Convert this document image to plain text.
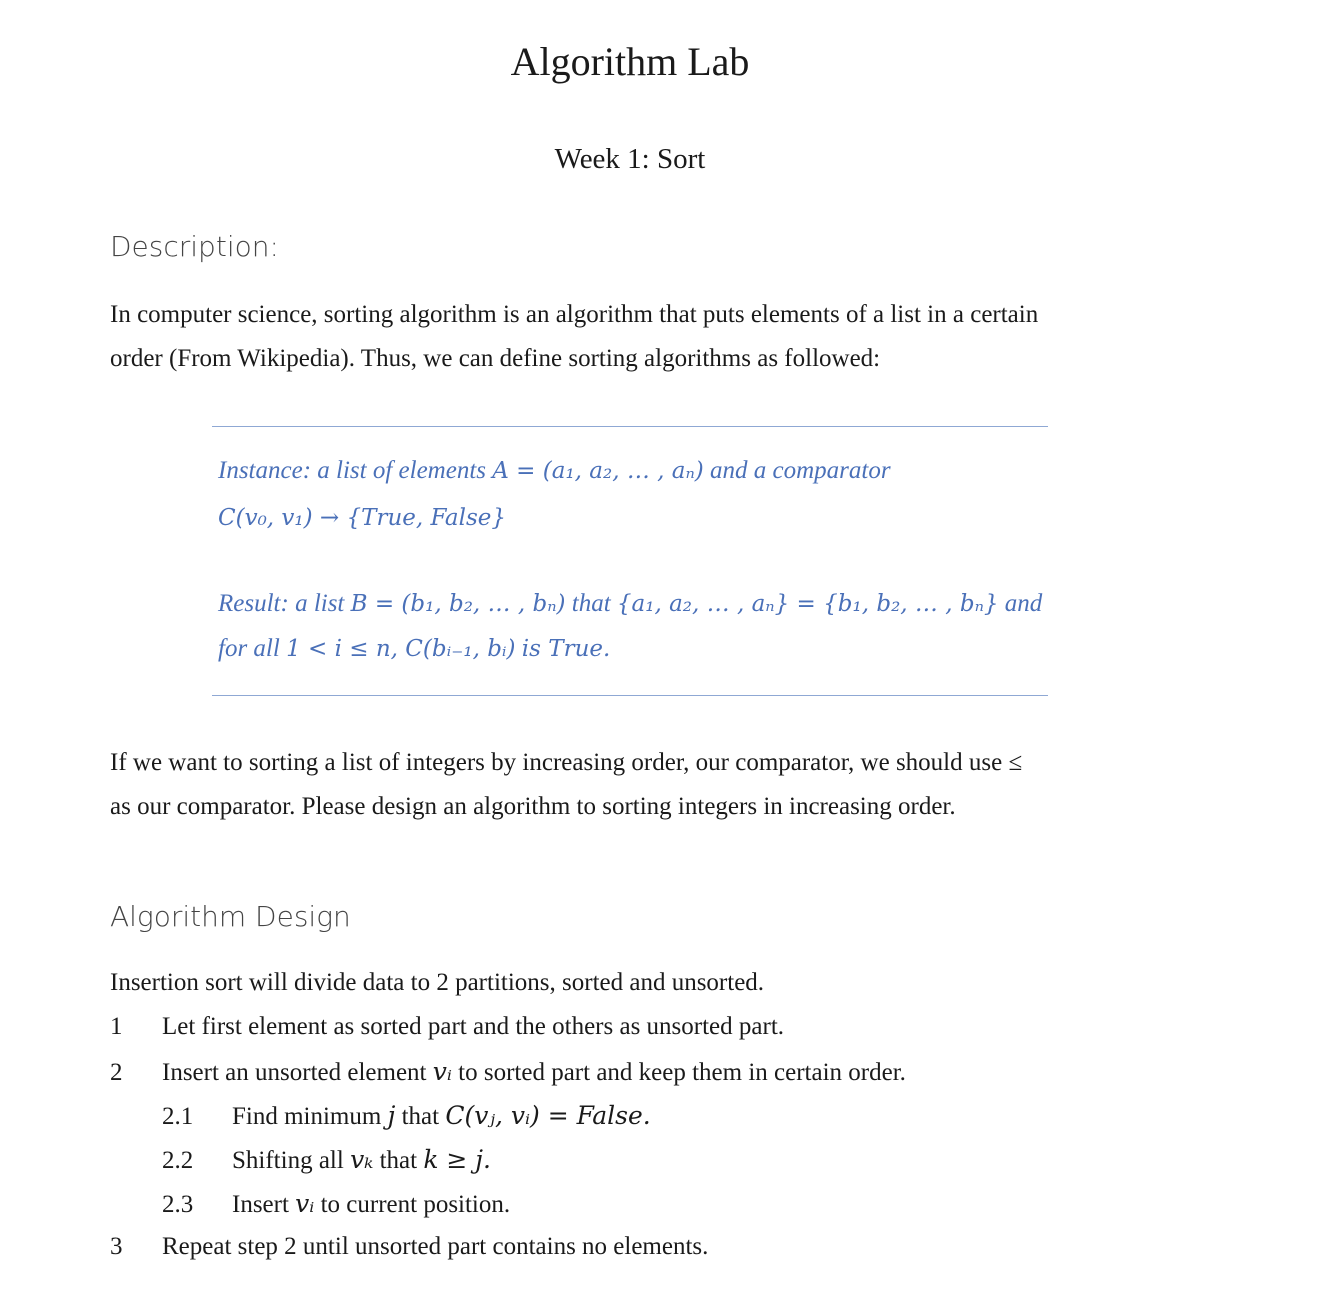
Algorithm Lab
Week 1: Sort
Description:
In computer science, sorting algorithm is an algorithm that puts elements of a list in a certain
order (From Wikipedia). Thus, we can define sorting algorithms as followed:
Instance: a list of elements A = (a₁, a₂, … , aₙ) and a comparator
C(v₀, v₁) → {True, False}
Result: a list B = (b₁, b₂, … , bₙ) that {a₁, a₂, … , aₙ} = {b₁, b₂, … , bₙ} and
for all 1 < i ≤ n, C(bᵢ₋₁, bᵢ) is True.
If we want to sorting a list of integers by increasing order, our comparator, we should use ≤
as our comparator. Please design an algorithm to sorting integers in increasing order.
Algorithm Design
Insertion sort will divide data to 2 partitions, sorted and unsorted.
1 Let first element as sorted part and the others as unsorted part.
2 Insert an unsorted element vᵢ to sorted part and keep them in certain order.
2.1 Find minimum j that C(vⱼ, vᵢ) = False.
2.2 Shifting all vₖ that k ≥ j.
2.3 Insert vᵢ to current position.
3 Repeat step 2 until unsorted part contains no elements.
